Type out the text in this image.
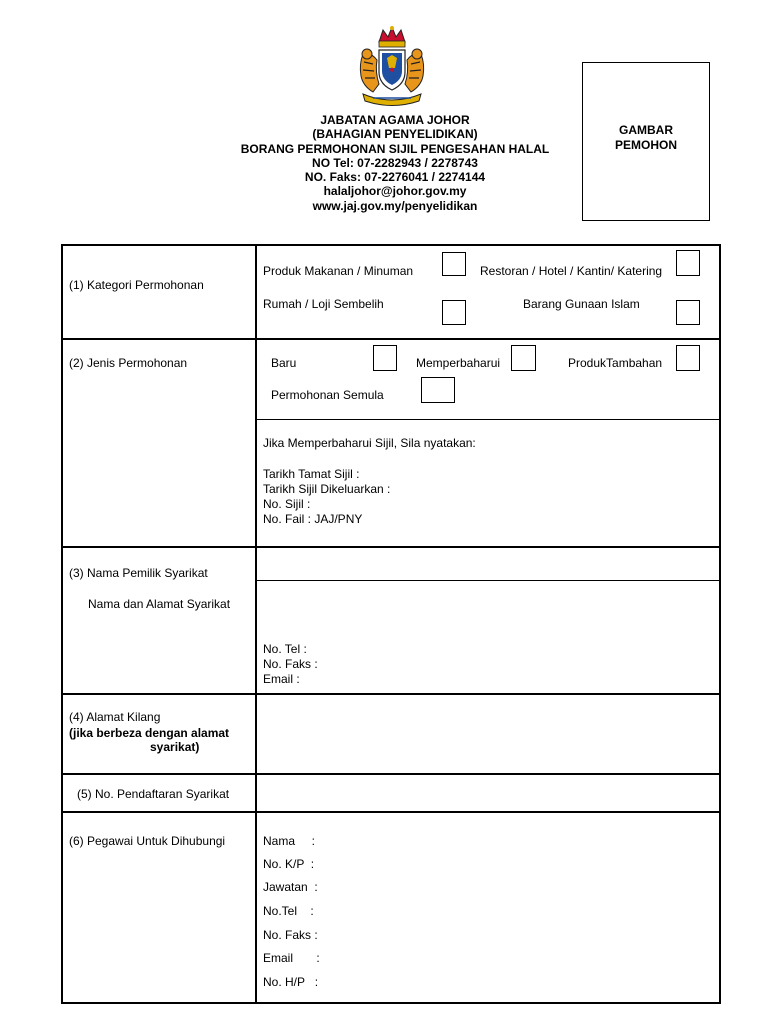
JABATAN AGAMA JOHOR
(BAHAGIAN PENYELIDIKAN)
BORANG PERMOHONAN SIJIL PENGESAHAN HALAL
NO Tel: 07-2282943 / 2278743
NO. Faks: 07-2276041 / 2274144
halaljohor@johor.gov.my
www.jaj.gov.my/penyelidikan
GAMBAR
PEMOHON
(1) Kategori Permohonan
Produk Makanan / Minuman	Restoran / Hotel / Kantin/ Katering
Rumah / Loji Sembelih	Barang Gunaan Islam
(2) Jenis Permohonan	Baru	Memperbaharui	ProdukTambahan
Permohonan Semula
Jika Memperbaharui Sijil, Sila nyatakan:
Tarikh Tamat Sijil :
Tarikh Sijil Dikeluarkan :
No. Sijil :
No. Fail : JAJ/PNY
(3) Nama Pemilik Syarikat
Nama dan Alamat Syarikat
No. Tel :
No. Faks :
Email :
(4) Alamat Kilang
(jika berbeza dengan alamat
syarikat)
(5) No. Pendaftaran Syarikat
(6) Pegawai Untuk Dihubungi	Nama     :
No. K/P  :
Jawatan  :
No.Tel    :
No. Faks :
Email       :
No. H/P   :
